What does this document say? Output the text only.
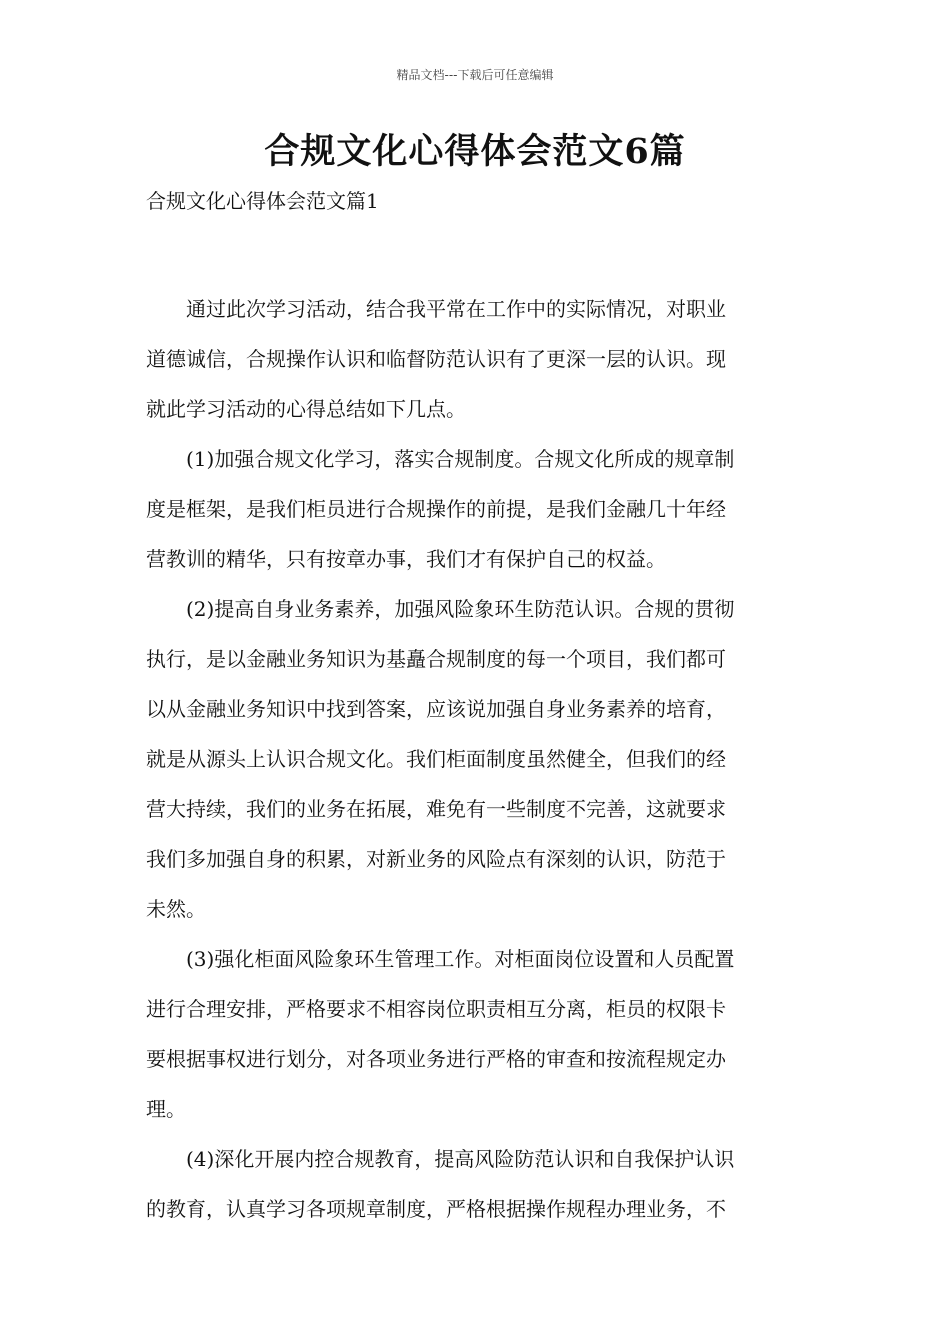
精品文档---下载后可任意编辑
合规文化心得体会范文6篇
合规文化心得体会范文篇1

通过此次学习活动，结合我平常在工作中的实际情况，对职业
道德诚信，合规操作认识和临督防范认识有了更深一层的认识。现
就此学习活动的心得总结如下几点。

(1)加强合规文化学习，落实合规制度。合规文化所成的规章制
度是框架，是我们柜员进行合规操作的前提，是我们金融几十年经
营教训的精华，只有按章办事，我们才有保护自己的权益。

(2)提高自身业务素养，加强风险象环生防范认识。合规的贯彻
执行，是以金融业务知识为基矗合规制度的每一个项目，我们都可
以从金融业务知识中找到答案，应该说加强自身业务素养的培育，
就是从源头上认识合规文化。我们柜面制度虽然健全，但我们的经
营大持续，我们的业务在拓展，难免有一些制度不完善，这就要求
我们多加强自身的积累，对新业务的风险点有深刻的认识，防范于
未然。

(3)强化柜面风险象环生管理工作。对柜面岗位设置和人员配置
进行合理安排，严格要求不相容岗位职责相互分离，柜员的权限卡
要根据事权进行划分，对各项业务进行严格的审查和按流程规定办
理。

(4)深化开展内控合规教育，提高风险防范认识和自我保护认识
的教育，认真学习各项规章制度，严格根据操作规程办理业务，不
